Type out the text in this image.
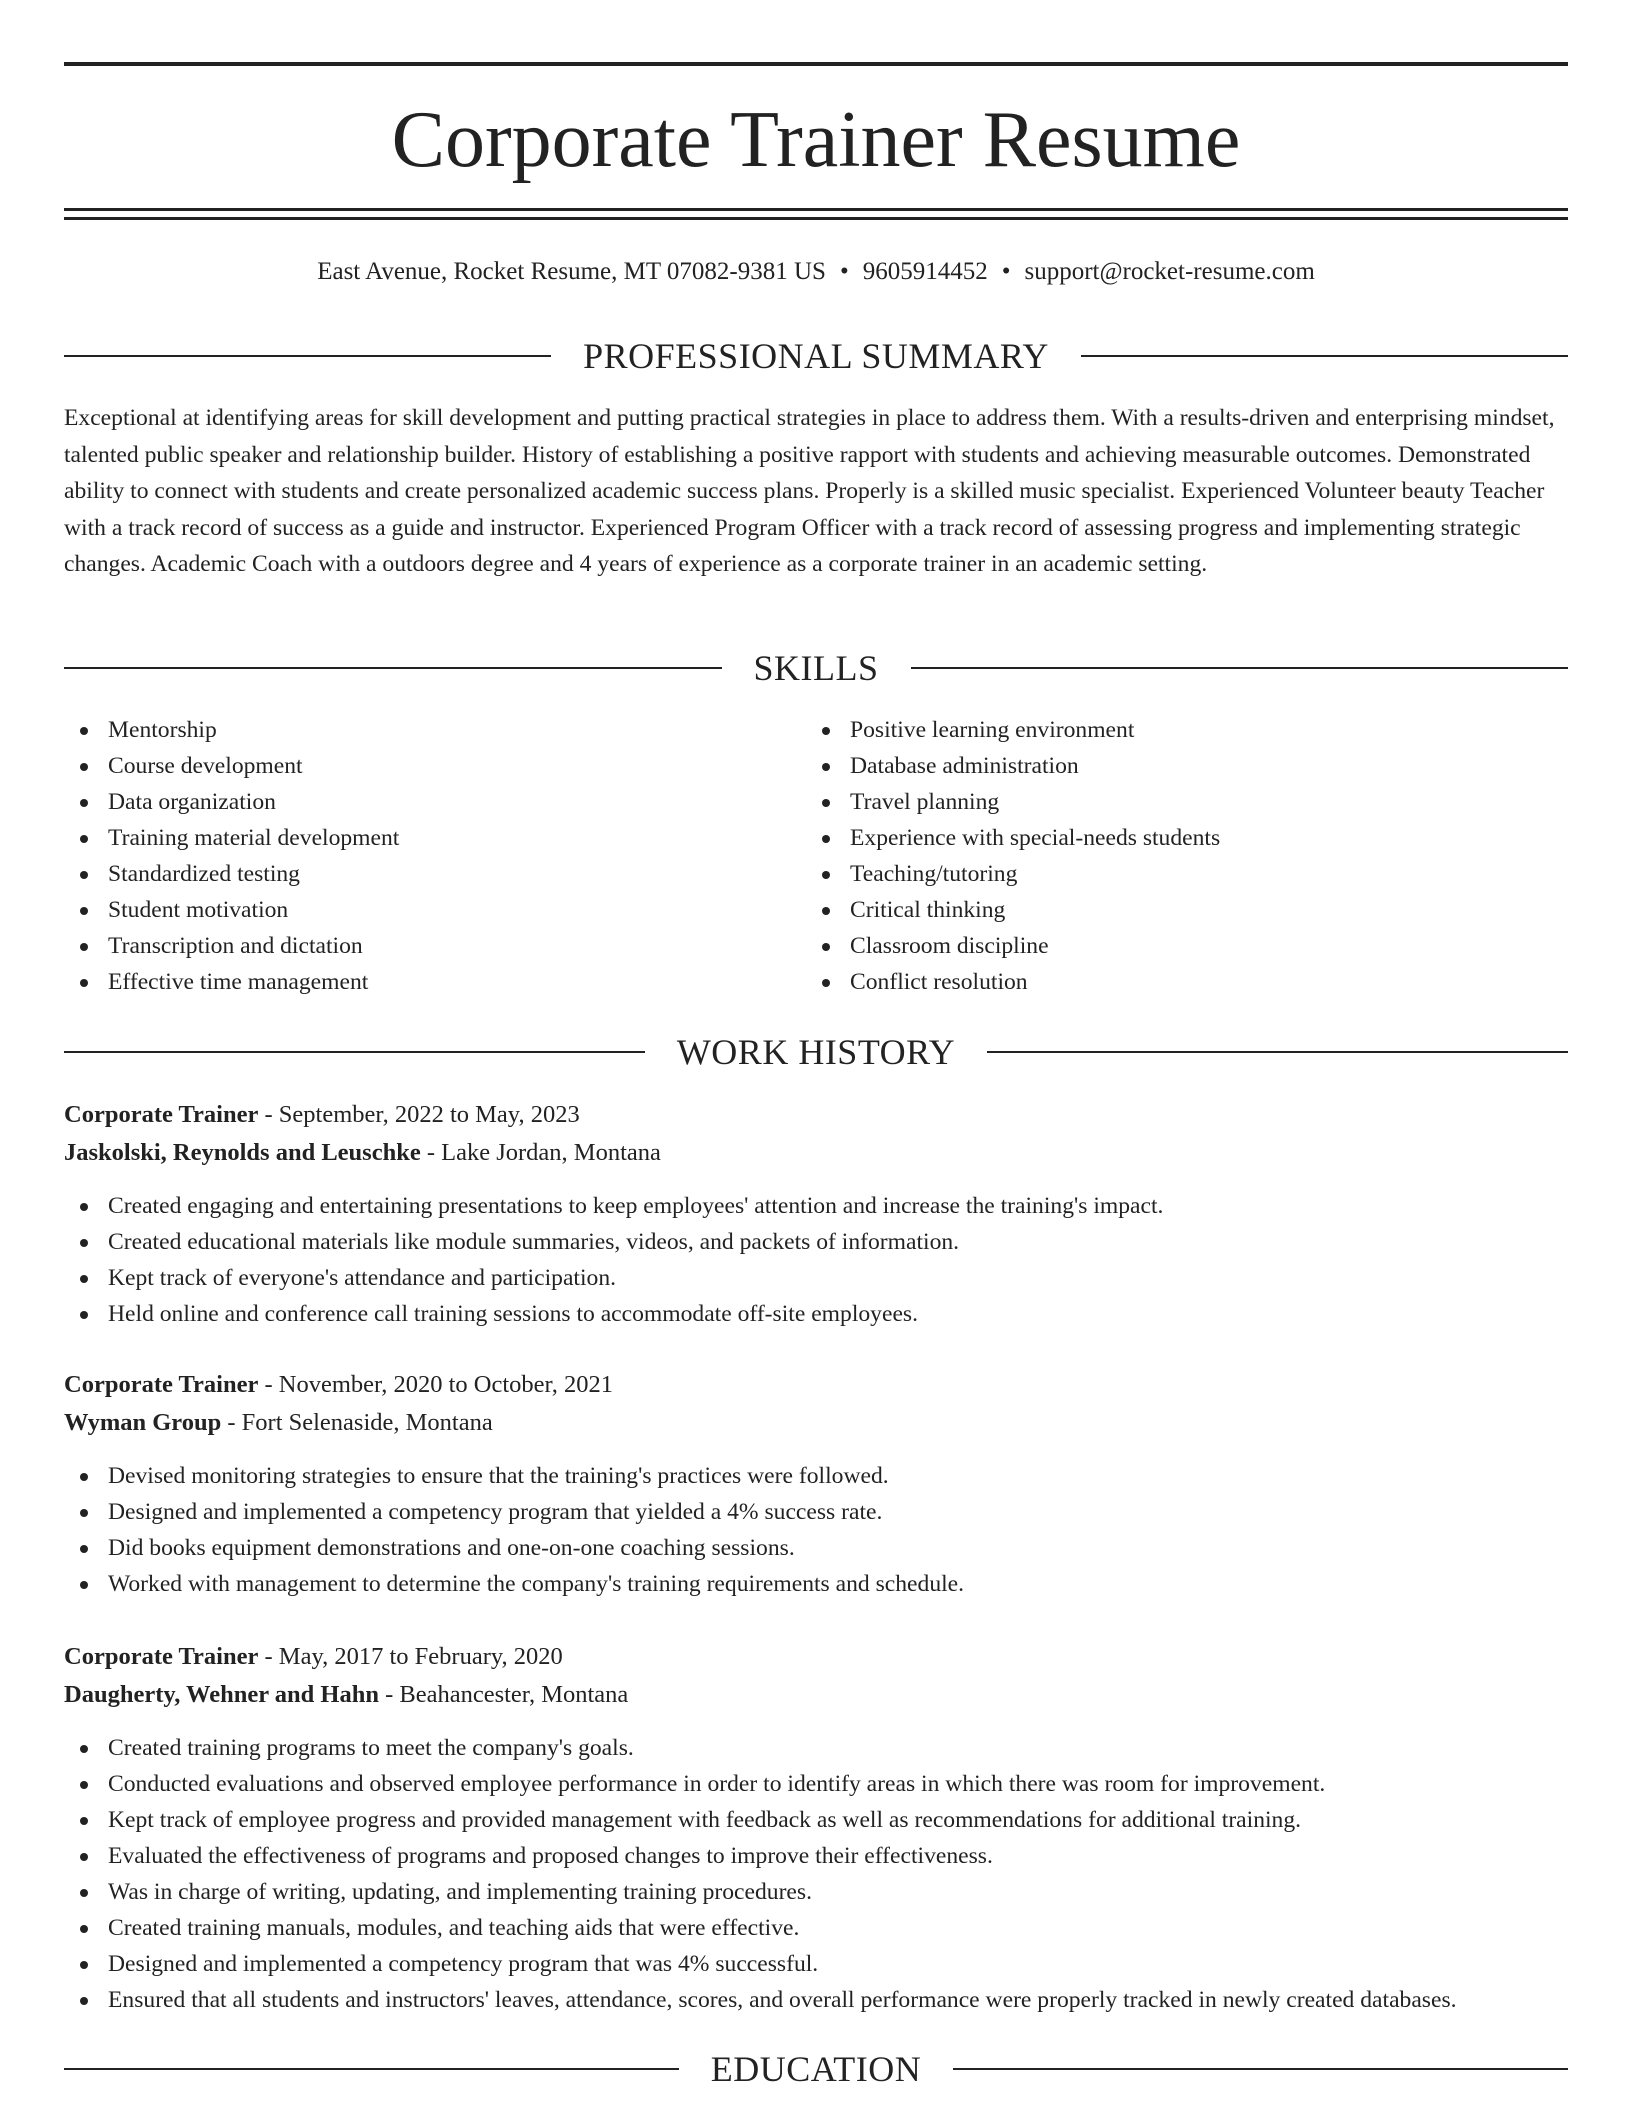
Corporate Trainer Resume
East Avenue, Rocket Resume, MT 07082-9381 US • 9605914452 • support@rocket-resume.com
PROFESSIONAL SUMMARY

Exceptional at identifying areas for skill development and putting practical strategies in place to address them. With a results-driven and enterprising mindset, talented public speaker and relationship builder. History of establishing a positive rapport with students and achieving measurable outcomes. Demonstrated ability to connect with students and create personalized academic success plans. Properly is a skilled music specialist. Experienced Volunteer beauty Teacher with a track record of success as a guide and instructor. Experienced Program Officer with a track record of assessing progress and implementing strategic changes. Academic Coach with a outdoors degree and 4 years of experience as a corporate trainer in an academic setting.

SKILLS
Mentorship
Course development
Data organization
Training material development
Standardized testing
Student motivation
Transcription and dictation
Effective time management
Positive learning environment
Database administration
Travel planning
Experience with special-needs students
Teaching/tutoring
Critical thinking
Classroom discipline
Conflict resolution
WORK HISTORY
Corporate Trainer - September, 2022 to May, 2023
Jaskolski, Reynolds and Leuschke - Lake Jordan, Montana
Created engaging and entertaining presentations to keep employees' attention and increase the training's impact.
Created educational materials like module summaries, videos, and packets of information.
Kept track of everyone's attendance and participation.
Held online and conference call training sessions to accommodate off-site employees.
Corporate Trainer - November, 2020 to October, 2021
Wyman Group - Fort Selenaside, Montana
Devised monitoring strategies to ensure that the training's practices were followed.
Designed and implemented a competency program that yielded a 4% success rate.
Did books equipment demonstrations and one-on-one coaching sessions.
Worked with management to determine the company's training requirements and schedule.
Corporate Trainer - May, 2017 to February, 2020
Daugherty, Wehner and Hahn - Beahancester, Montana
Created training programs to meet the company's goals.
Conducted evaluations and observed employee performance in order to identify areas in which there was room for improvement.
Kept track of employee progress and provided management with feedback as well as recommendations for additional training.
Evaluated the effectiveness of programs and proposed changes to improve their effectiveness.
Was in charge of writing, updating, and implementing training procedures.
Created training manuals, modules, and teaching aids that were effective.
Designed and implemented a competency program that was 4% successful.
Ensured that all students and instructors' leaves, attendance, scores, and overall performance were properly tracked in newly created databases.
EDUCATION
